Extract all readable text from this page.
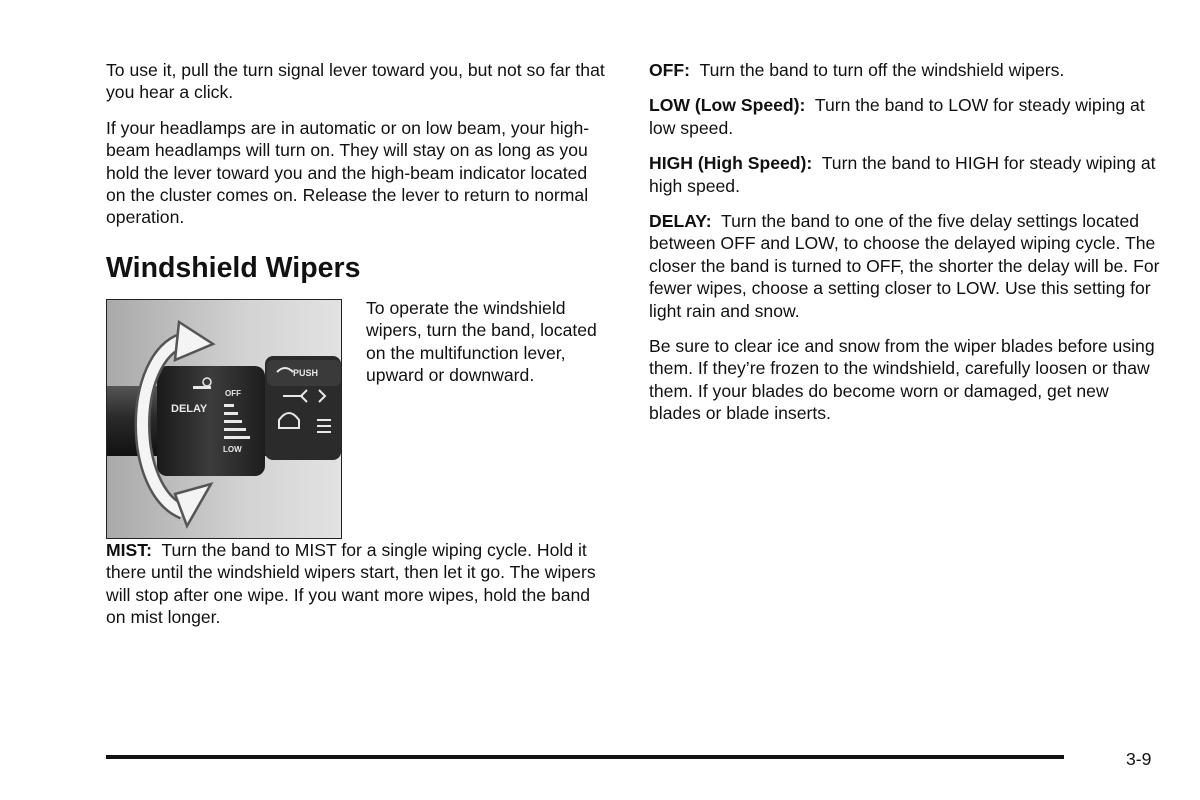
To use it, pull the turn signal lever toward you, but not so far that you hear a click.

If your headlamps are in automatic or on low beam, your high-beam headlamps will turn on. They will stay on as long as you hold the lever toward you and the high-beam indicator located on the cluster comes on. Release the lever to return to normal operation.

Windshield Wipers
OFF
DELAY
LOW
PUSH

To operate the windshield wipers, turn the band, located on the multifunction lever, upward or downward.

MIST: Turn the band to MIST for a single wiping cycle. Hold it there until the windshield wipers start, then let it go. The wipers will stop after one wipe. If you want more wipes, hold the band on mist longer.

OFF: Turn the band to turn off the windshield wipers.

LOW (Low Speed): Turn the band to LOW for steady wiping at low speed.

HIGH (High Speed): Turn the band to HIGH for steady wiping at high speed.

DELAY: Turn the band to one of the five delay settings located between OFF and LOW, to choose the delayed wiping cycle. The closer the band is turned to OFF, the shorter the delay will be. For fewer wipes, choose a setting closer to LOW. Use this setting for light rain and snow.

Be sure to clear ice and snow from the wiper blades before using them. If they’re frozen to the windshield, carefully loosen or thaw them. If your blades do become worn or damaged, get new blades or blade inserts.

3-9
